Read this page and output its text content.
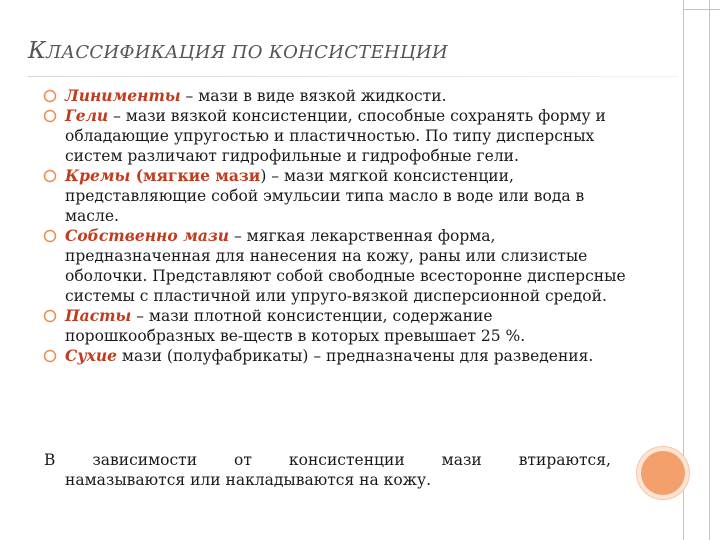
КЛАССИФИКАЦИЯ ПО КОНСИСТЕНЦИИ
Линименты – мази в виде вязкой жидкости.
Гели – мази вязкой консистенции, способные сохранять форму и обладающие упругостью и пластичностью. По типу дисперсных систем различают гидрофильные и гидрофобные гели.
Кремы (мягкие мази) – мази мягкой консистенции, представляющие собой эмульсии типа масло в воде или вода в масле.
Собственно мази – мягкая лекарственная форма, предназначенная для нанесения на кожу, раны или слизистые оболочки. Представляют собой свободные всесторонне дисперсные системы с пластичной или упруго-вязкой дисперсионной средой.
Пасты – мази плотной консистенции, содержание порошкообразных ве-ществ в которых превышает 25 %.
Сухие мази (полуфабрикаты) – предназначены для разведения.
В зависимости от консистенции мази втираются,
намазываются или накладываются на кожу.
